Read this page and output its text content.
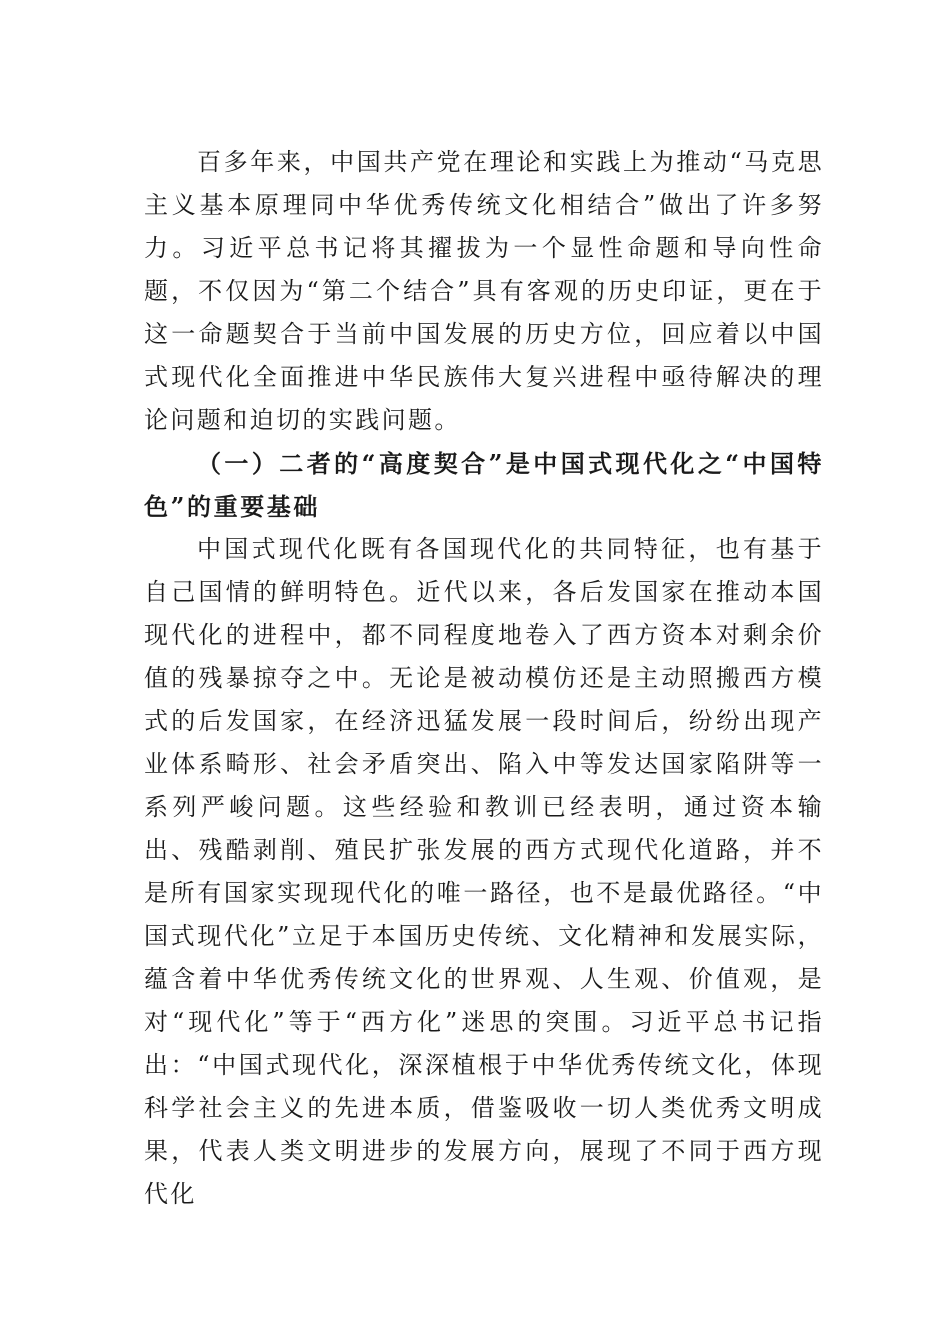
百多年来，中国共产党在理论和实践上为推动“马克思主义基本原理同中华优秀传统文化相结合”做出了许多努力。习近平总书记将其擢拔为一个显性命题和导向性命题，不仅因为“第二个结合”具有客观的历史印证，更在于这一命题契合于当前中国发展的历史方位，回应着以中国式现代化全面推进中华民族伟大复兴进程中亟待解决的理论问题和迫切的实践问题。

（一）二者的“高度契合”是中国式现代化之“中国特色”的重要基础

中国式现代化既有各国现代化的共同特征，也有基于自己国情的鲜明特色。近代以来，各后发国家在推动本国现代化的进程中，都不同程度地卷入了西方资本对剩余价值的残暴掠夺之中。无论是被动模仿还是主动照搬西方模式的后发国家，在经济迅猛发展一段时间后，纷纷出现产业体系畸形、社会矛盾突出、陷入中等发达国家陷阱等一系列严峻问题。这些经验和教训已经表明，通过资本输出、残酷剥削、殖民扩张发展的西方式现代化道路，并不是所有国家实现现代化的唯一路径，也不是最优路径。“中国式现代化”立足于本国历史传统、文化精神和发展实际，蕴含着中华优秀传统文化的世界观、人生观、价值观，是对“现代化”等于“西方化”迷思的突围。习近平总书记指出：“中国式现代化，深深植根于中华优秀传统文化，体现科学社会主义的先进本质，借鉴吸收一切人类优秀文明成果，代表人类文明进步的发展方向，展现了不同于西方现代化
